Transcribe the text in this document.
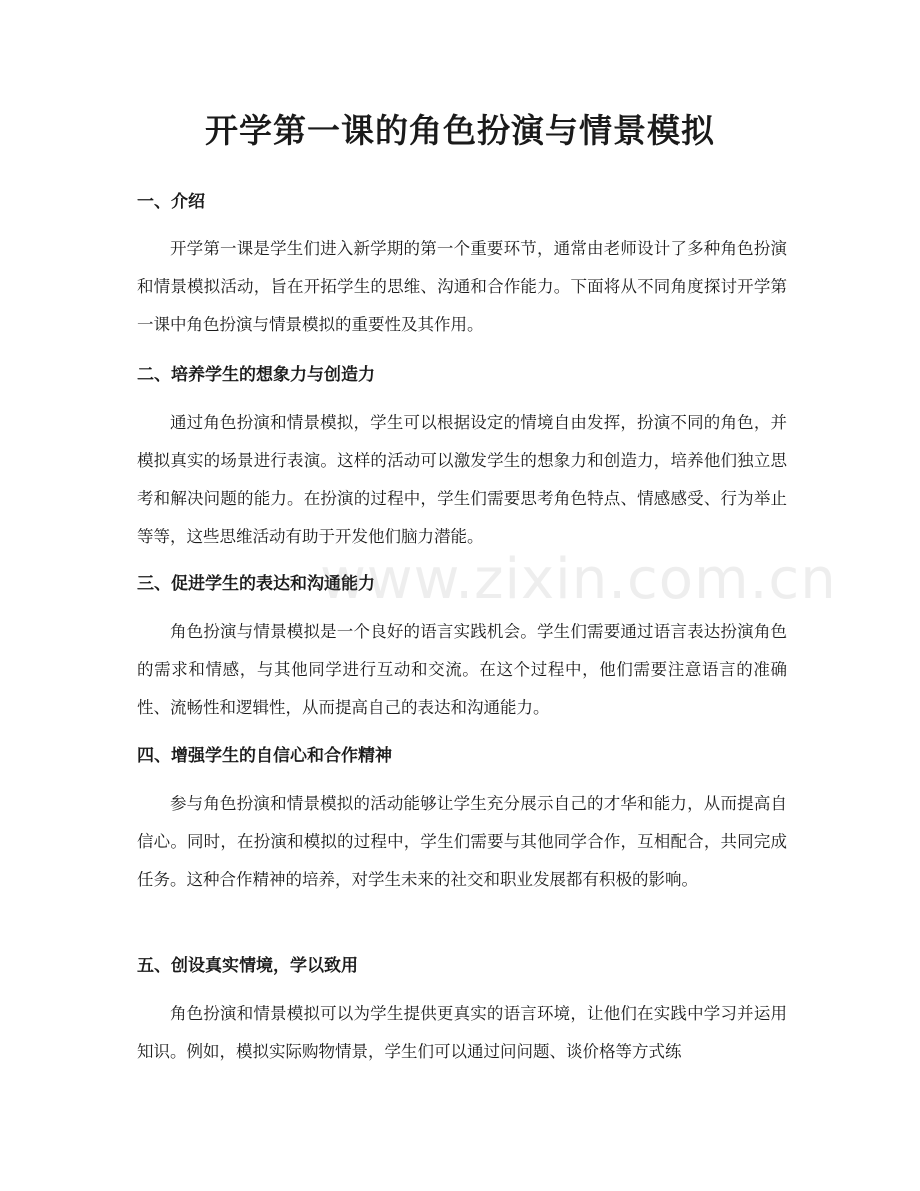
开学第一课的角色扮演与情景模拟
一、介绍

开学第一课是学生们进入新学期的第一个重要环节，通常由老师设计了多种角色扮演和情景模拟活动，旨在开拓学生的思维、沟通和合作能力。下面将从不同角度探讨开学第一课中角色扮演与情景模拟的重要性及其作用。

二、培养学生的想象力与创造力

通过角色扮演和情景模拟，学生可以根据设定的情境自由发挥，扮演不同的角色，并模拟真实的场景进行表演。这样的活动可以激发学生的想象力和创造力，培养他们独立思考和解决问题的能力。在扮演的过程中，学生们需要思考角色特点、情感感受、行为举止等等，这些思维活动有助于开发他们脑力潜能。

三、促进学生的表达和沟通能力

角色扮演与情景模拟是一个良好的语言实践机会。学生们需要通过语言表达扮演角色的需求和情感，与其他同学进行互动和交流。在这个过程中，他们需要注意语言的准确性、流畅性和逻辑性，从而提高自己的表达和沟通能力。

四、增强学生的自信心和合作精神

参与角色扮演和情景模拟的活动能够让学生充分展示自己的才华和能力，从而提高自信心。同时，在扮演和模拟的过程中，学生们需要与其他同学合作，互相配合，共同完成任务。这种合作精神的培养，对学生未来的社交和职业发展都有积极的影响。

五、创设真实情境，学以致用

角色扮演和情景模拟可以为学生提供更真实的语言环境，让他们在实践中学习并运用知识。例如，模拟实际购物情景，学生们可以通过问问题、谈价格等方式练

www.zixin.com.cn
